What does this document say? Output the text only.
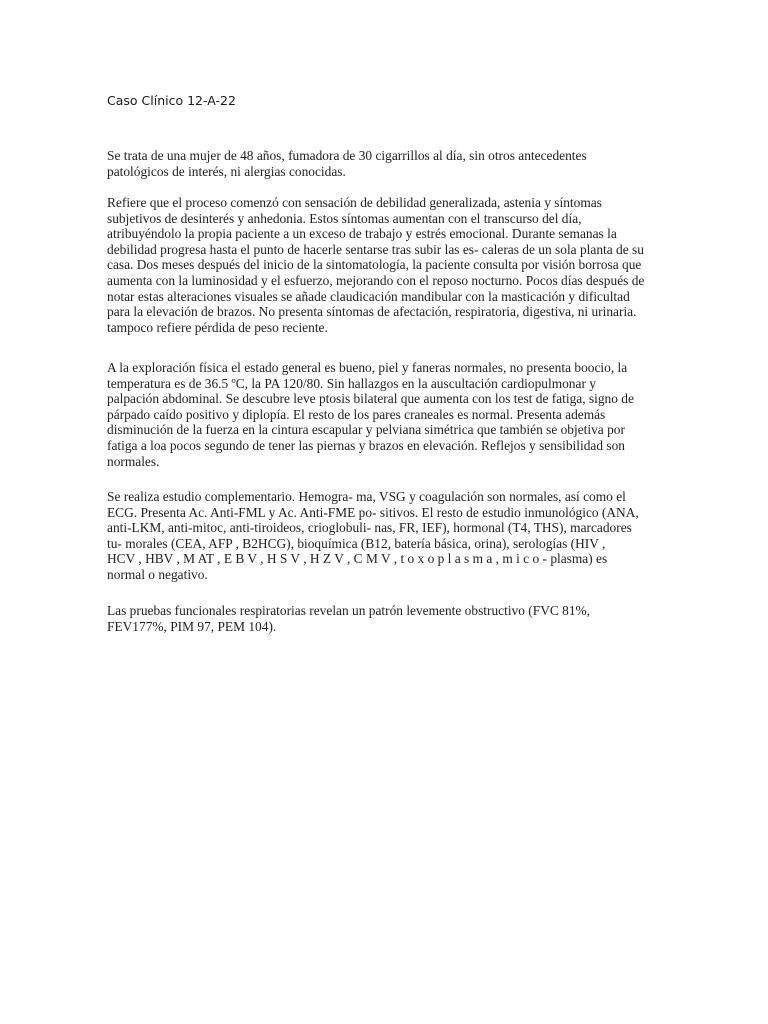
Caso Clínico 12-A-22

Se trata de una mujer de 48 años, fumadora de 30 cigarrillos al día, sin otros antecedentes
patológicos de interés, ni alergias conocidas.

Refiere que el proceso comenzó con sensación de debilidad generalizada, astenia y síntomas
subjetivos de desinterés y anhedonia. Estos síntomas aumentan con el transcurso del día,
atribuyéndolo la propia paciente a un exceso de trabajo y estrés emocional. Durante semanas la
debilidad progresa hasta el punto de hacerle sentarse tras subir las es- caleras de un sola planta de su
casa. Dos meses después del inicio de la sintomatología, la paciente consulta por visión borrosa que
aumenta con la luminosidad y el esfuerzo, mejorando con el reposo nocturno. Pocos días después de
notar estas alteraciones visuales se añade claudicación mandibular con la masticación y dificultad
para la elevación de brazos. No presenta síntomas de afectación, respiratoria, digestiva, ni urinaria.
tampoco refiere pérdida de peso reciente.

A la exploración física el estado general es bueno, piel y faneras normales, no presenta boocio, la
temperatura es de 36.5 ºC, la PA 120/80. Sin hallazgos en la auscultación cardiopulmonar y
palpación abdominal. Se descubre leve ptosis bilateral que aumenta con los test de fatiga, signo de
párpado caído positivo y diplopía. El resto de los pares craneales es normal. Presenta además
disminución de la fuerza en la cintura escapular y pelviana simétrica que también se objetiva por
fatiga a loa pocos segundo de tener las piernas y brazos en elevación. Reflejos y sensibilidad son
normales.

Se realiza estudio complementario. Hemogra- ma, VSG y coagulación son normales, así como el
ECG. Presenta Ac. Anti-FML y Ac. Anti-FME po- sitivos. El resto de estudio inmunológico (ANA,
anti-LKM, anti-mitoc, anti-tiroideos, crioglobuli- nas, FR, IEF), hormonal (T4, THS), marcadores
tu- morales (CEA, AFP , B2HCG), bioquímica (B12, batería básica, orina), serologías (HIV ,
HCV , HBV , M AT , E B V , H S V , H Z V , C M V , t o x o p l a s m a , m i c o - plasma) es
normal o negativo.

Las pruebas funcionales respiratorias revelan un patrón levemente obstructivo (FVC 81%,
FEV177%, PIM 97, PEM 104).
